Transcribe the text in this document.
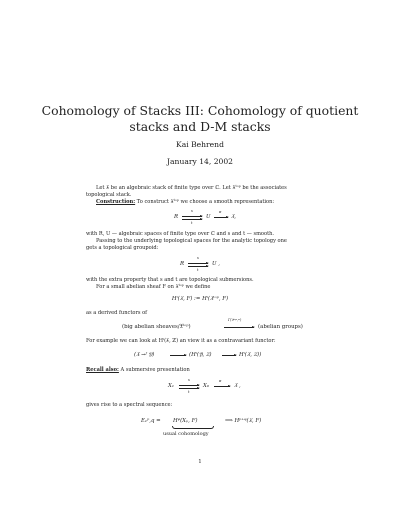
Cohomology of Stacks III: Cohomology of quotient stacks and D-M stacks
Kai Behrend
January 14, 2002
Let 𝔛 be an algebraic stack of finite type over ℂ. Let 𝔛ᵗᵒᵖ be the associates
topological stack.
Construction: To construct 𝔛ᵗᵒᵖ we choose a smooth representation:
R
s
t
U
π
𝔛,
with R, U — algebraic spaces of finite type over ℂ and s and t — smooth.
Passing to the underlying topological spaces for the analytic topology one
gets a topological groupoid:
R
s
t
U ,
with the extra property that s and t are topological submersions.
For a small abelian sheaf F on 𝔛ᵗᵒᵖ we define
Hⁱ(𝔛, F) := Hⁱ(𝔛ᵗᵒᵖ, F)
as a derived functors of
(big abelian sheaves/𝔛ᵗᵒᵖ)
Γ(𝔛ᵗᵒᵖ,•)
(abelian groups)
For example we can look at Hⁱ(𝔛, ℤ) an view it as a contravariant functor:
(𝔛 →ᶠ 𝔜)	(Hⁱ(𝔜, ℤ)	Hⁱ(𝔛, ℤ))
Recall also: A submersive presentation
X₁
s
t
X₀
π
𝔛 ,
gives rise to a spectral sequence:
E₁ᵖ,q = Hᵠ(Xₚ, F)	⟹ Hᵖ⁺ᵠ(𝔛, F)
usual cohomology
1
